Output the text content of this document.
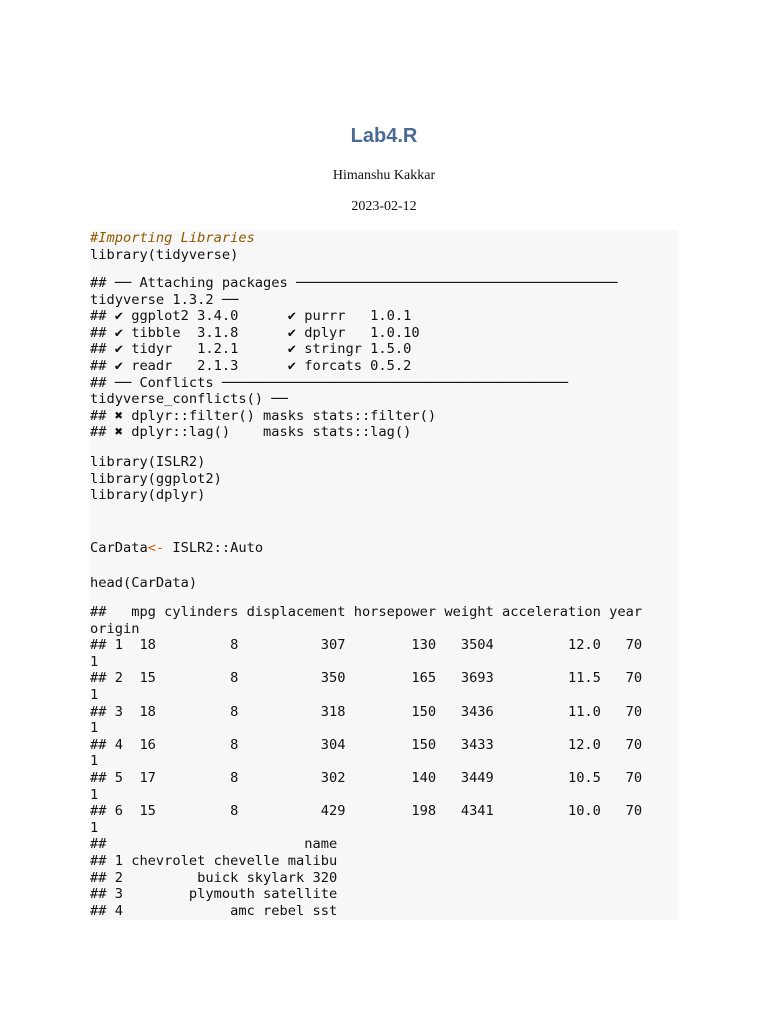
Lab4.R
Himanshu Kakkar
2023-02-12
#Importing Libraries
library(tidyverse)
## ── Attaching packages ───────────────────────────────────────
tidyverse 1.3.2 ──
## ✔ ggplot2 3.4.0      ✔ purrr   1.0.1
## ✔ tibble  3.1.8      ✔ dplyr   1.0.10
## ✔ tidyr   1.2.1      ✔ stringr 1.5.0
## ✔ readr   2.1.3      ✔ forcats 0.5.2
## ── Conflicts ──────────────────────────────────────────
tidyverse_conflicts() ──
## ✖ dplyr::filter() masks stats::filter()
## ✖ dplyr::lag()    masks stats::lag()
library(ISLR2)
library(ggplot2)
library(dplyr)
CarData<- ISLR2::Auto
head(CarData)
##   mpg cylinders displacement horsepower weight acceleration year
origin
## 1  18         8          307        130   3504         12.0   70
1
## 2  15         8          350        165   3693         11.5   70
1
## 3  18         8          318        150   3436         11.0   70
1
## 4  16         8          304        150   3433         12.0   70
1
## 5  17         8          302        140   3449         10.5   70
1
## 6  15         8          429        198   4341         10.0   70
1
##                        name
## 1 chevrolet chevelle malibu
## 2         buick skylark 320
## 3        plymouth satellite
## 4             amc rebel sst
